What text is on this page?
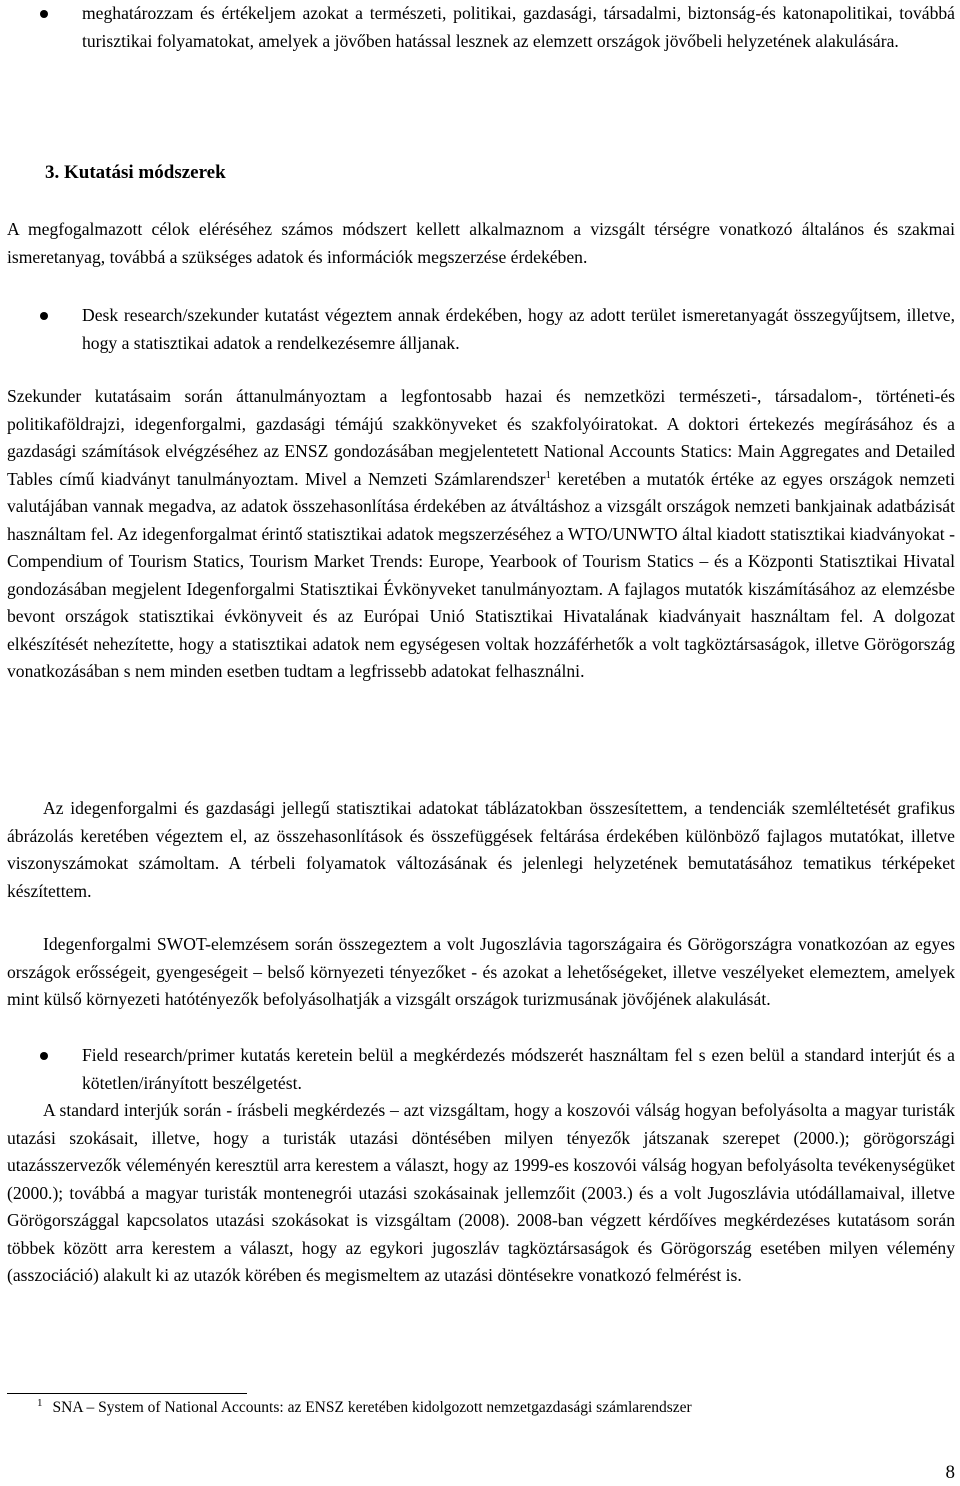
meghatározzam és értékeljem azokat a természeti, politikai, gazdasági, társadalmi, biztonság-és katonapolitikai, továbbá turisztikai folyamatokat, amelyek a jövőben hatással lesznek az elemzett országok jövőbeli helyzetének alakulására.

A megfogalmazott célok eléréséhez számos módszert kellett alkalmaznom a vizsgált térségre vonatkozó általános és szakmai ismeretanyag, továbbá a szükséges adatok és információk megszerzése érdekében.

Desk research/szekunder kutatást végeztem annak érdekében, hogy az adott terület ismeretanyagát összegyűjtsem, illetve, hogy a statisztikai adatok a rendelkezésemre álljanak.

Szekunder kutatásaim során áttanulmányoztam a legfontosabb hazai és nemzetközi természeti-, társadalom-, történeti-és politikaföldrajzi, idegenforgalmi, gazdasági témájú szakkönyveket és szakfolyóiratokat. A doktori értekezés megírásához és a gazdasági számítások elvégzéséhez az ENSZ gondozásában megjelentetett National Accounts Statics: Main Aggregates and Detailed Tables című kiadványt tanulmányoztam. Mivel a Nemzeti Számlarendszer$^1$ keretében a mutatók értéke az egyes országok nemzeti valutájában vannak megadva, az adatok összehasonlítása érdekében az átváltáshoz a vizsgált országok nemzeti bankjainak adatbázisát használtam fel. Az idegenforgalmat érintő statisztikai adatok megszerzéséhez a WTO/UNWTO által kiadott statisztikai kiadványokat - Compendium of Tourism Statics, Tourism Market Trends: Europe, Yearbook of Tourism Statics – és a Központi Statisztikai Hivatal gondozásában megjelent Idegenforgalmi Statisztikai Évkönyveket tanulmányoztam. A fajlagos mutatók kiszámításához az elemzésbe bevont országok statisztikai évkönyveit és az Európai Unió Statisztikai Hivatalának kiadványait használtam fel. A dolgozat elkészítését nehezítette, hogy a statisztikai adatok nem egységesen voltak hozzáférhetők a volt tagköztársaságok, illetve Görögország vonatkozásában s nem minden esetben tudtam a legfrissebb adatokat felhasználni.

Az idegenforgalmi és gazdasági jellegű statisztikai adatokat táblázatokban összesítettem, a tendenciák szemléltetését grafikus ábrázolás keretében végeztem el, az összehasonlítások és összefüggések feltárása érdekében különböző fajlagos mutatókat, illetve viszonyszámokat számoltam. A térbeli folyamatok változásának és jelenlegi helyzetének bemutatásához tematikus térképeket készítettem.

Idegenforgalmi SWOT-elemzésem során összegeztem a volt Jugoszlávia tagországaira és Görögországra vonatkozóan az egyes országok erősségeit, gyengeségeit – belső környezeti tényezőket - és azokat a lehetőségeket, illetve veszélyeket elemeztem, amelyek mint külső környezeti hatótényezők befolyásolhatják a vizsgált országok turizmusának jövőjének alakulását.

Field research/primer kutatás keretein belül a megkérdezés módszerét használtam fel s ezen belül a standard interjút és a kötetlen/irányított beszélgetést.

A standard interjúk során - írásbeli megkérdezés – azt vizsgáltam, hogy a koszovói válság hogyan befolyásolta a magyar turisták utazási szokásait, illetve, hogy a turisták utazási döntésében milyen tényezők játszanak szerepet (2000.); görögországi utazásszervezők véleményén keresztül arra kerestem a választ, hogy az 1999-es koszovói válság hogyan befolyásolta tevékenységüket (2000.); továbbá a magyar turisták montenegrói utazási szokásainak jellemzőit (2003.) és a volt Jugoszlávia utódállamaival, illetve Görögországgal kapcsolatos utazási szokásokat is vizsgáltam (2008). 2008-ban végzett kérdőíves megkérdezéses kutatásom során többek között arra kerestem a választ, hogy az egykori jugoszláv tagköztársaságok és Görögország esetében milyen vélemény (asszociáció) alakult ki az utazók körében és megismeltem az utazási döntésekre vonatkozó felmérést is.

3. Kutatási módszerek
$^1$ SNA – System of National Accounts: az ENSZ keretében kidolgozott nemzetgazdasági számlarendszer
8
